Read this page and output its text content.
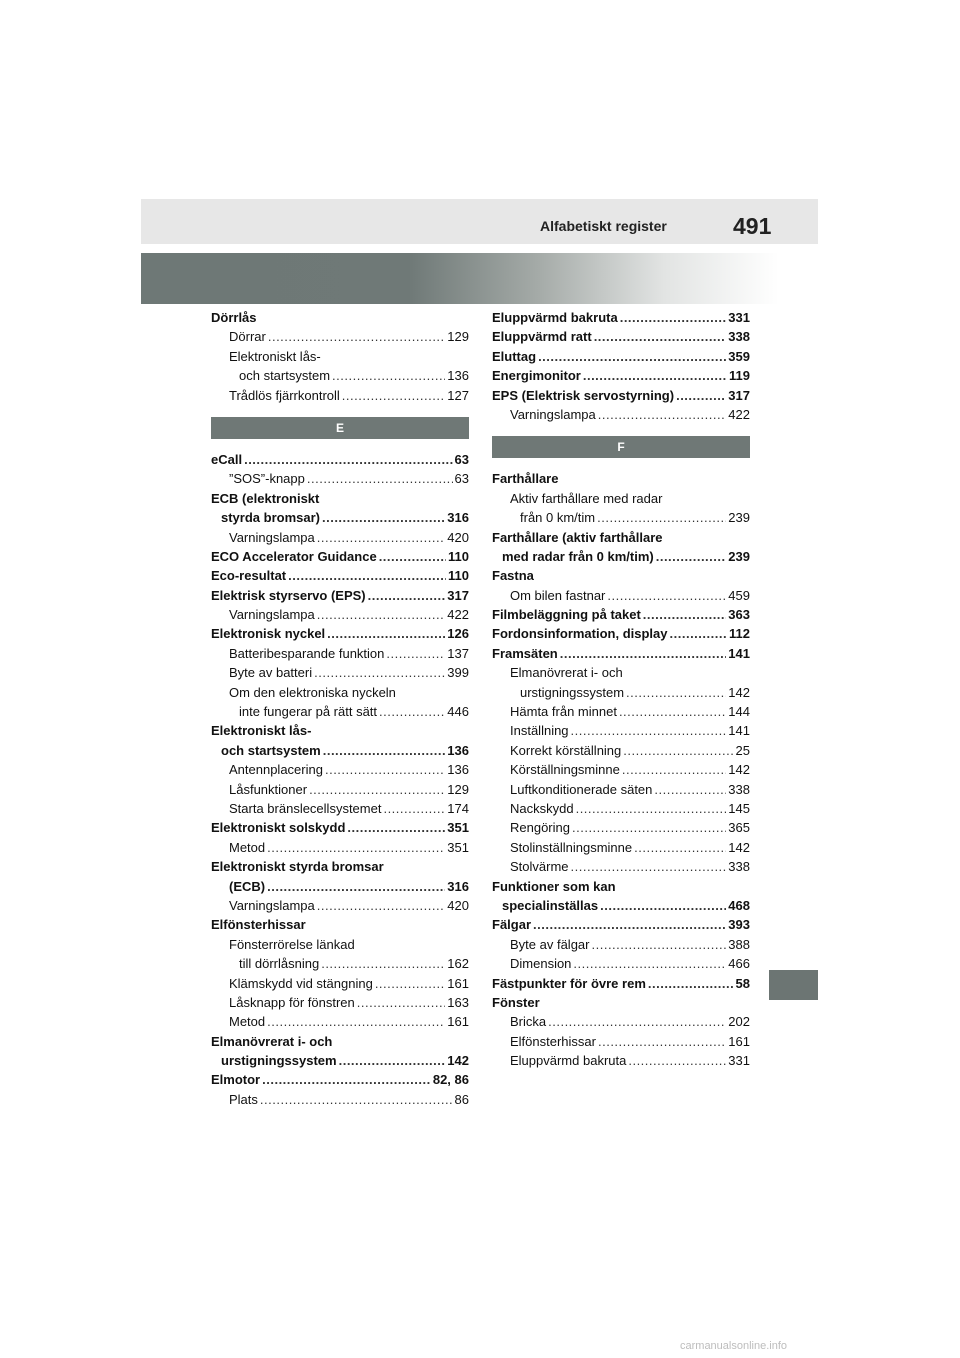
Alfabetiskt register	491
Dörrlås
Dörrar .....	129
Elektroniskt lås-
och startsystem .....	136
Trådlös fjärrkontroll .....	127
E
eCall .....	63
”SOS”-knapp .....	63
ECB (elektroniskt
styrda bromsar) .....	316
Varningslampa .....	420
ECO Accelerator Guidance .....	110
Eco-resultat .....	110
Elektrisk styrservo (EPS) .....	317
Varningslampa .....	422
Elektronisk nyckel .....	126
Batteribesparande funktion .....	137
Byte av batteri .....	399
Om den elektroniska nyckeln
inte fungerar på rätt sätt .....	446
Elektroniskt lås-
och startsystem .....	136
Antennplacering .....	136
Låsfunktioner .....	129
Starta bränslecellsystemet .....	174
Elektroniskt solskydd .....	351
Metod .....	351
Elektroniskt styrda bromsar
(ECB) .....	316
Varningslampa .....	420
Elfönsterhissar
Fönsterrörelse länkad
till dörrlåsning .....	162
Klämskydd vid stängning .....	161
Låsknapp för fönstren .....	163
Metod .....	161
Elmanövrerat i- och
urstigningssystem .....	142
Elmotor .....	82, 86
Plats .....	86
Eluppvärmd bakruta .....	331
Eluppvärmd ratt .....	338
Eluttag .....	359
Energimonitor .....	119
EPS (Elektrisk servostyrning) .....	317
Varningslampa .....	422
F
Farthållare
Aktiv farthållare med radar
från 0 km/tim .....	239
Farthållare (aktiv farthållare
med radar från 0 km/tim) .....	239
Fastna
Om bilen fastnar .....	459
Filmbeläggning på taket .....	363
Fordonsinformation, display .....	112
Framsäten .....	141
Elmanövrerat i- och
urstigningssystem .....	142
Hämta från minnet .....	144
Inställning .....	141
Korrekt körställning .....	25
Körställningsminne .....	142
Luftkonditionerade säten .....	338
Nackskydd .....	145
Rengöring .....	365
Stolinställningsminne .....	142
Stolvärme .....	338
Funktioner som kan
specialinställas .....	468
Fälgar .....	393
Byte av fälgar .....	388
Dimension .....	466
Fästpunkter för övre rem .....	58
Fönster
Bricka .....	202
Elfönsterhissar .....	161
Eluppvärmd bakruta .....	331
carmanualsonline.info
